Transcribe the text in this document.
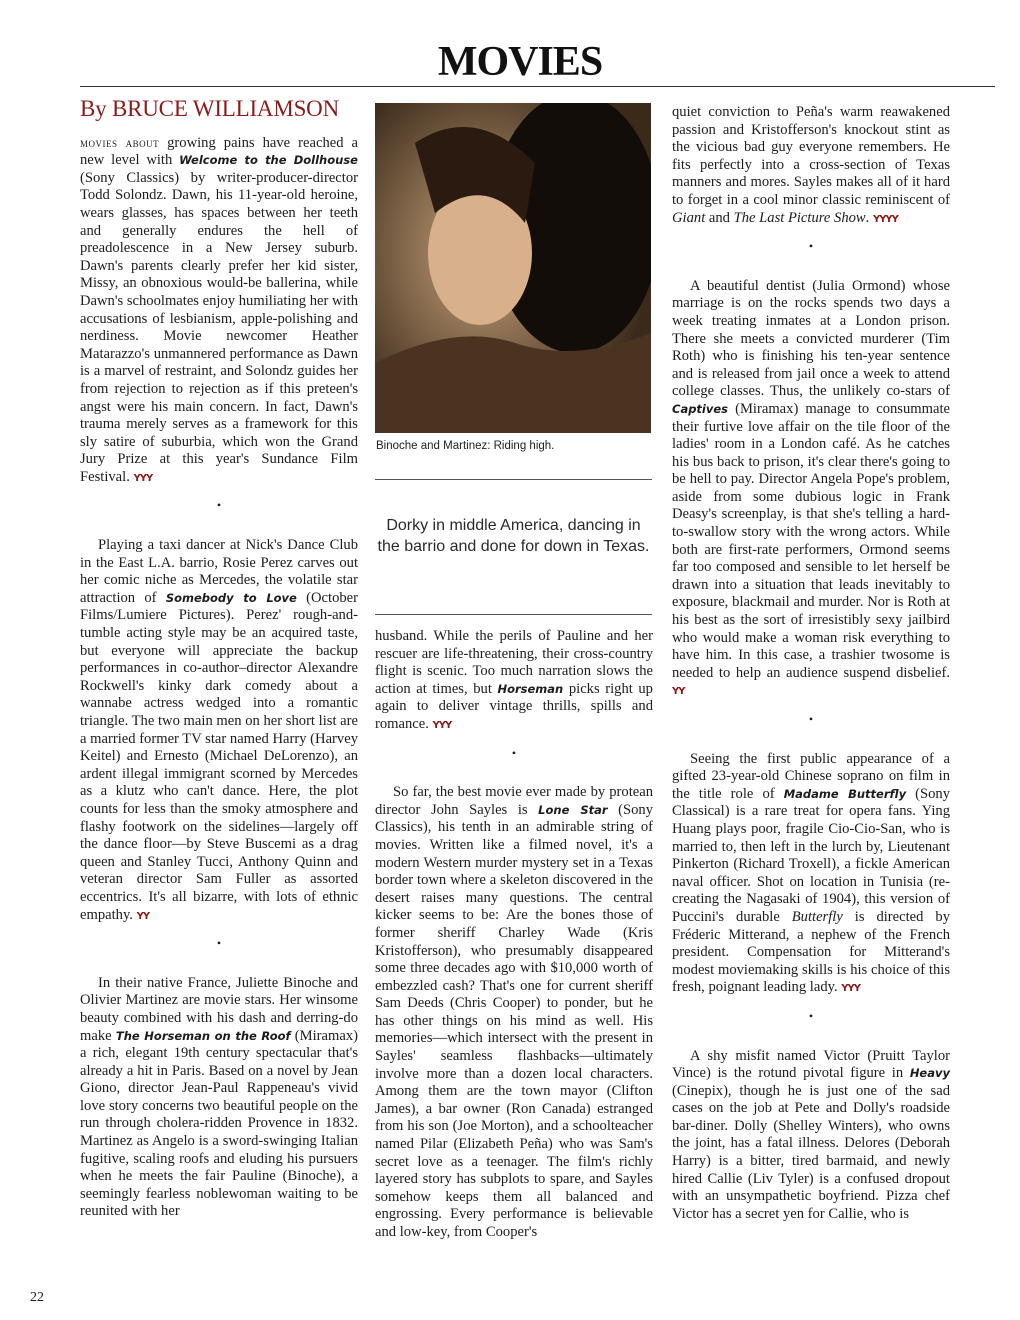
MOVIES
By BRUCE WILLIAMSON

movies about growing pains have reached a new level with Welcome to the Dollhouse (Sony Classics) by writer-producer-director Todd Solondz. Dawn, his 11-year-old heroine, wears glasses, has spaces between her teeth and generally endures the hell of preadolescence in a New Jersey suburb. Dawn's parents clearly prefer her kid sister, Missy, an obnoxious would-be ballerina, while Dawn's schoolmates enjoy humiliating her with accusations of lesbianism, apple-polishing and nerdiness. Movie newcomer Heather Matarazzo's unmannered performance as Dawn is a marvel of restraint, and Solondz guides her from rejection to rejection as if this preteen's angst were his main concern. In fact, Dawn's trauma merely serves as a framework for this sly satire of suburbia, which won the Grand Jury Prize at this year's Sundance Film Festival. YYY

•

Playing a taxi dancer at Nick's Dance Club in the East L.A. barrio, Rosie Perez carves out her comic niche as Mercedes, the volatile star attraction of Somebody to Love (October Films/Lumiere Pictures). Perez' rough-and-tumble acting style may be an acquired taste, but everyone will appreciate the backup performances in co-author–director Alexandre Rockwell's kinky dark comedy about a wannabe actress wedged into a romantic triangle. The two main men on her short list are a married former TV star named Harry (Harvey Keitel) and Ernesto (Michael DeLorenzo), an ardent illegal immigrant scorned by Mercedes as a klutz who can't dance. Here, the plot counts for less than the smoky atmosphere and flashy footwork on the sidelines—largely off the dance floor—by Steve Buscemi as a drag queen and Stanley Tucci, Anthony Quinn and veteran director Sam Fuller as assorted eccentrics. It's all bizarre, with lots of ethnic empathy. YY

•

In their native France, Juliette Binoche and Olivier Martinez are movie stars. Her winsome beauty combined with his dash and derring-do make The Horseman on the Roof (Miramax) a rich, elegant 19th century spectacular that's already a hit in Paris. Based on a novel by Jean Giono, director Jean-Paul Rappeneau's vivid love story concerns two beautiful people on the run through cholera-ridden Provence in 1832. Martinez as Angelo is a sword-swinging Italian fugitive, scaling roofs and eluding his pursuers when he meets the fair Pauline (Binoche), a seemingly fearless noblewoman waiting to be reunited with her

Binoche and Martinez: Riding high.
Dorky in middle America, dancing in the barrio and done for down in Texas.

husband. While the perils of Pauline and her rescuer are life-threatening, their cross-country flight is scenic. Too much narration slows the action at times, but Horseman picks right up again to deliver vintage thrills, spills and romance. YYY

•

So far, the best movie ever made by protean director John Sayles is Lone Star (Sony Classics), his tenth in an admirable string of movies. Written like a filmed novel, it's a modern Western murder mystery set in a Texas border town where a skeleton discovered in the desert raises many questions. The central kicker seems to be: Are the bones those of former sheriff Charley Wade (Kris Kristofferson), who presumably disappeared some three decades ago with $10,000 worth of embezzled cash? That's one for current sheriff Sam Deeds (Chris Cooper) to ponder, but he has other things on his mind as well. His memories—which intersect with the present in Sayles' seamless flashbacks—ultimately involve more than a dozen local characters. Among them are the town mayor (Clifton James), a bar owner (Ron Canada) estranged from his son (Joe Morton), and a schoolteacher named Pilar (Elizabeth Peña) who was Sam's secret love as a teenager. The film's richly layered story has subplots to spare, and Sayles somehow keeps them all balanced and engrossing. Every performance is believable and low-key, from Cooper's

quiet conviction to Peña's warm reawakened passion and Kristofferson's knockout stint as the vicious bad guy everyone remembers. He fits perfectly into a cross-section of Texas manners and mores. Sayles makes all of it hard to forget in a cool minor classic reminiscent of Giant and The Last Picture Show. YYYY

•

A beautiful dentist (Julia Ormond) whose marriage is on the rocks spends two days a week treating inmates at a London prison. There she meets a convicted murderer (Tim Roth) who is finishing his ten-year sentence and is released from jail once a week to attend college classes. Thus, the unlikely co-stars of Captives (Miramax) manage to consummate their furtive love affair on the tile floor of the ladies' room in a London café. As he catches his bus back to prison, it's clear there's going to be hell to pay. Director Angela Pope's problem, aside from some dubious logic in Frank Deasy's screenplay, is that she's telling a hard-to-swallow story with the wrong actors. While both are first-rate performers, Ormond seems far too composed and sensible to let herself be drawn into a situation that leads inevitably to exposure, blackmail and murder. Nor is Roth at his best as the sort of irresistibly sexy jailbird who would make a woman risk everything to have him. In this case, a trashier twosome is needed to help an audience suspend disbelief. YY

•

Seeing the first public appearance of a gifted 23-year-old Chinese soprano on film in the title role of Madame Butterfly (Sony Classical) is a rare treat for opera fans. Ying Huang plays poor, fragile Cio-Cio-San, who is married to, then left in the lurch by, Lieutenant Pinkerton (Richard Troxell), a fickle American naval officer. Shot on location in Tunisia (re-creating the Nagasaki of 1904), this version of Puccini's durable Butterfly is directed by Fréderic Mitterand, a nephew of the French president. Compensation for Mitterand's modest moviemaking skills is his choice of this fresh, poignant leading lady. YYY

•

A shy misfit named Victor (Pruitt Taylor Vince) is the rotund pivotal figure in Heavy (Cinepix), though he is just one of the sad cases on the job at Pete and Dolly's roadside bar-diner. Dolly (Shelley Winters), who owns the joint, has a fatal illness. Delores (Deborah Harry) is a bitter, tired barmaid, and newly hired Callie (Liv Tyler) is a confused dropout with an unsympathetic boyfriend. Pizza chef Victor has a secret yen for Callie, who is

22
